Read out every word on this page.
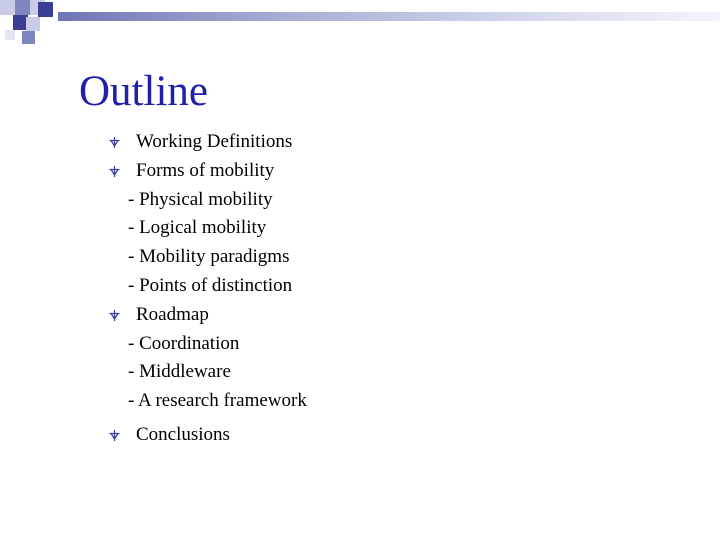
Outline
Working Definitions
Forms of mobility
- Physical mobility
- Logical mobility
- Mobility paradigms
- Points of distinction
Roadmap
- Coordination
- Middleware
- A research framework
Conclusions
